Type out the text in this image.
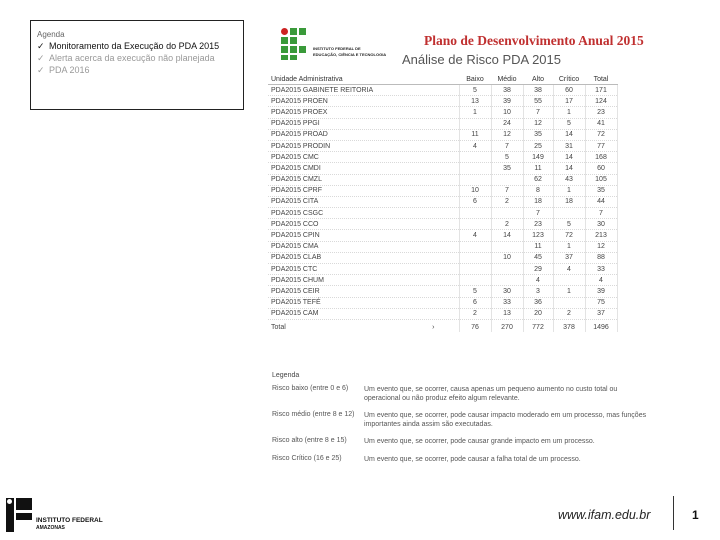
Agenda
✓ Monitoramento da Execução do PDA 2015
✓ Alerta acerca da execução não planejada
✓ PDA 2016
INSTITUTO FEDERAL DE
EDUCAÇÃO, CIÊNCIA E TECNOLOGIA
Plano de Desenvolvimento Anual 2015
Análise de Risco PDA 2015
Unidade Administrativa	Baixo	Médio	Alto	Crítico	Total
PDA2015 GABINETE REITORIA	5	38	38	60	171
PDA2015 PROEN	13	39	55	17	124
PDA2015 PROEX	1	10	7	1	23
PDA2015 PPGI		24	12	5	41
PDA2015 PROAD	11	12	35	14	72
PDA2015 PRODIN	4	7	25	31	77
PDA2015 CMC		5	149	14	168
PDA2015 CMDI		35	11	14	60
PDA2015 CMZL			62	43	105
PDA2015 CPRF	10	7	8	1	35
PDA2015 CITA	6	2	18	18	44
PDA2015 CSGC			7		7
PDA2015 CCO		2	23	5	30
PDA2015 CPIN	4	14	123	72	213
PDA2015 CMA			11	1	12
PDA2015 CLAB		10	45	37	88
PDA2015 CTC			29	4	33
PDA2015 CHUM			4		4
PDA2015 CEIR	5	30	3	1	39
PDA2015 TEFÉ	6	33	36		75
PDA2015 CAM	2	13	20	2	37
Total ›	76	270	772	378	1496
Legenda
Risco baixo (entre 0 e 6)	Um evento que, se ocorrer, causa apenas um pequeno aumento no custo total ou operacional ou não produz efeito algum relevante.
Risco médio (entre 8 e 12)	Um evento que, se ocorrer, pode causar impacto moderado em um processo, mas funções importantes ainda assim são executadas.
Risco alto (entre 8 e 15)	Um evento que, se ocorrer, pode causar grande impacto em um processo.
Risco Crítico (16 e 25)	Um evento que, se ocorrer, pode causar a falha total de um processo.
INSTITUTO FEDERAL
AMAZONAS
www.ifam.edu.br	1
